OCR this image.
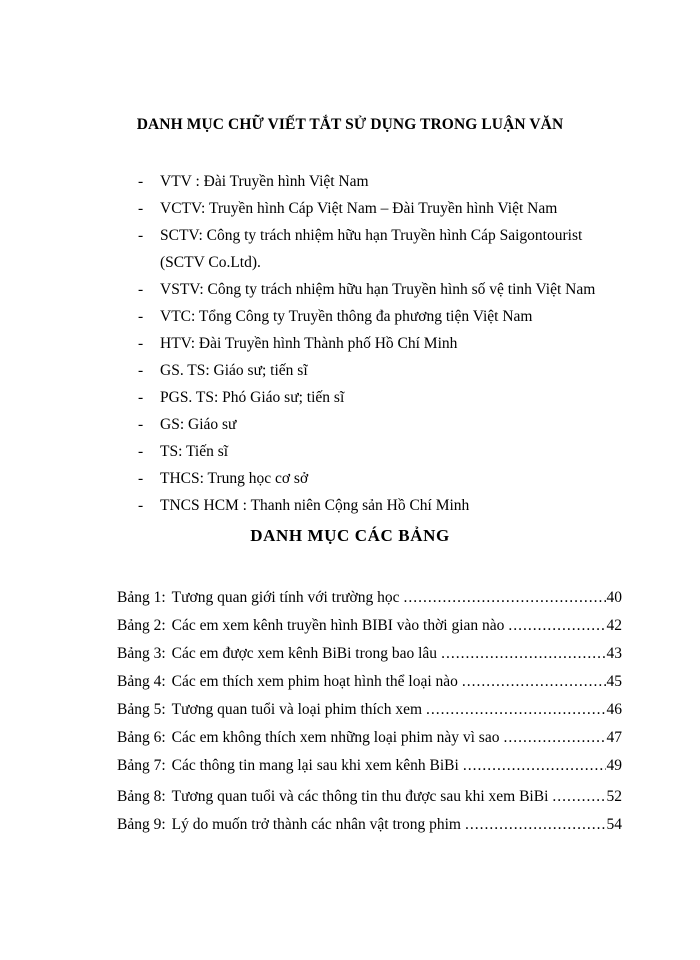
DANH MỤC CHỮ VIẾT TẮT SỬ DỤNG TRONG LUẬN VĂN
- VTV : Đài Truyền hình Việt Nam
- VCTV: Truyền hình Cáp Việt Nam – Đài Truyền hình Việt Nam
- SCTV: Công ty trách nhiệm hữu hạn Truyền hình Cáp Saigontourist (SCTV Co.Ltd).
- VSTV: Công ty trách nhiệm hữu hạn Truyền hình số vệ tinh Việt Nam
- VTC: Tổng Công ty Truyền thông đa phương tiện Việt Nam
- HTV: Đài Truyền hình Thành phố Hồ Chí Minh
- GS. TS: Giáo sư; tiến sĩ
- PGS. TS: Phó Giáo sư; tiến sĩ
- GS: Giáo sư
- TS: Tiến sĩ
- THCS: Trung học cơ sở
- TNCS HCM : Thanh niên Cộng sản Hồ Chí Minh
DANH MỤC CÁC BẢNG
Bảng 1: Tương quan giới tính với trường học .....	40
Bảng 2: Các em xem kênh truyền hình BIBI vào thời gian nào .....	42
Bảng 3: Các em được xem kênh BiBi trong bao lâu .....	43
Bảng 4: Các em thích xem phim hoạt hình thể loại nào .....	45
Bảng 5: Tương quan tuổi và loại phim thích xem .....	46
Bảng 6: Các em không thích xem những loại phim này vì sao .....	47
Bảng 7: Các thông tin mang lại sau khi xem kênh BiBi .....	49
Bảng 8: Tương quan tuổi và các thông tin thu được sau khi xem BiBi .....	52
Bảng 9: Lý do muốn trở thành các nhân vật trong phim .....	54
